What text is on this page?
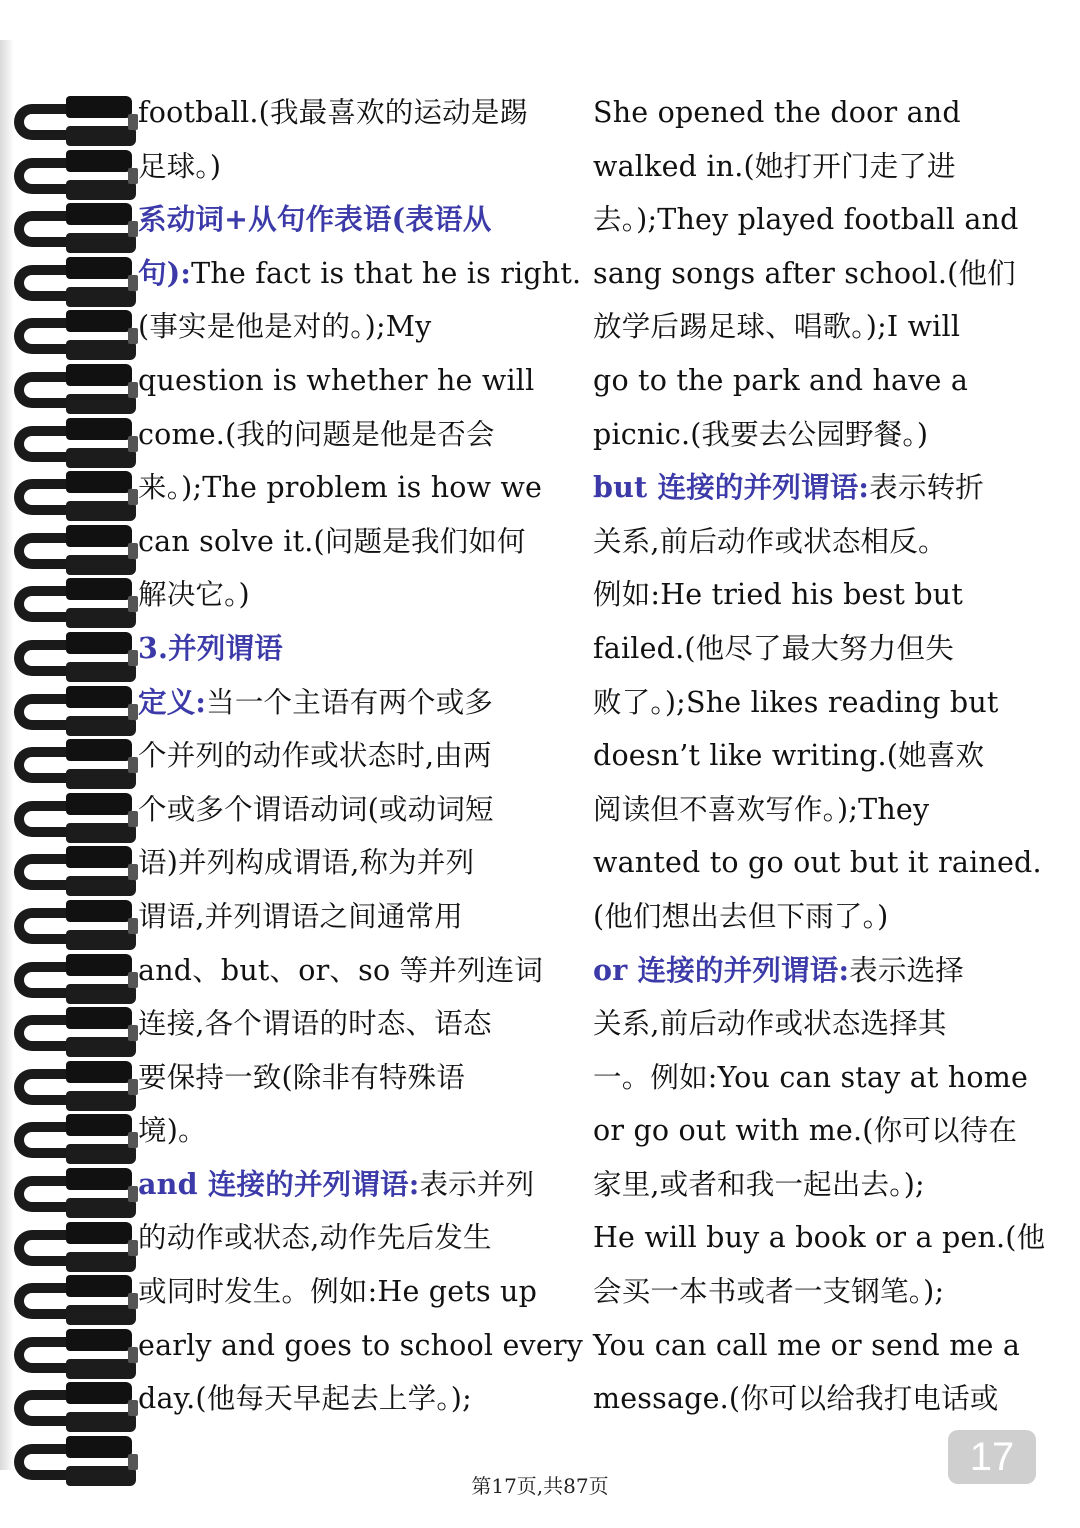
football.(我最喜欢的运动是踢
足球。)
系动词+从句作表语(表语从
句):The fact is that he is right.
(事实是他是对的。);My
question is whether he will
come.(我的问题是他是否会
来。);The problem is how we
can solve it.(问题是我们如何
解决它。)
3.并列谓语
定义:当一个主语有两个或多
个并列的动作或状态时,由两
个或多个谓语动词(或动词短
语)并列构成谓语,称为并列
谓语,并列谓语之间通常用
and、but、or、so 等并列连词
连接,各个谓语的时态、语态
要保持一致(除非有特殊语
境)。
and 连接的并列谓语:表示并列
的动作或状态,动作先后发生
或同时发生。例如:He gets up
early and goes to school every
day.(他每天早起去上学。);
She opened the door and
walked in.(她打开门走了进
去。);They played football and
sang songs after school.(他们
放学后踢足球、唱歌。);I will
go to the park and have a
picnic.(我要去公园野餐。)
but 连接的并列谓语:表示转折
关系,前后动作或状态相反。
例如:He tried his best but
failed.(他尽了最大努力但失
败了。);She likes reading but
doesn’t like writing.(她喜欢
阅读但不喜欢写作。);They
wanted to go out but it rained.
(他们想出去但下雨了。)
or 连接的并列谓语:表示选择
关系,前后动作或状态选择其
一。例如:You can stay at home
or go out with me.(你可以待在
家里,或者和我一起出去。);
He will buy a book or a pen.(他
会买一本书或者一支钢笔。);
You can call me or send me a
message.(你可以给我打电话或
17
第17页,共87页
